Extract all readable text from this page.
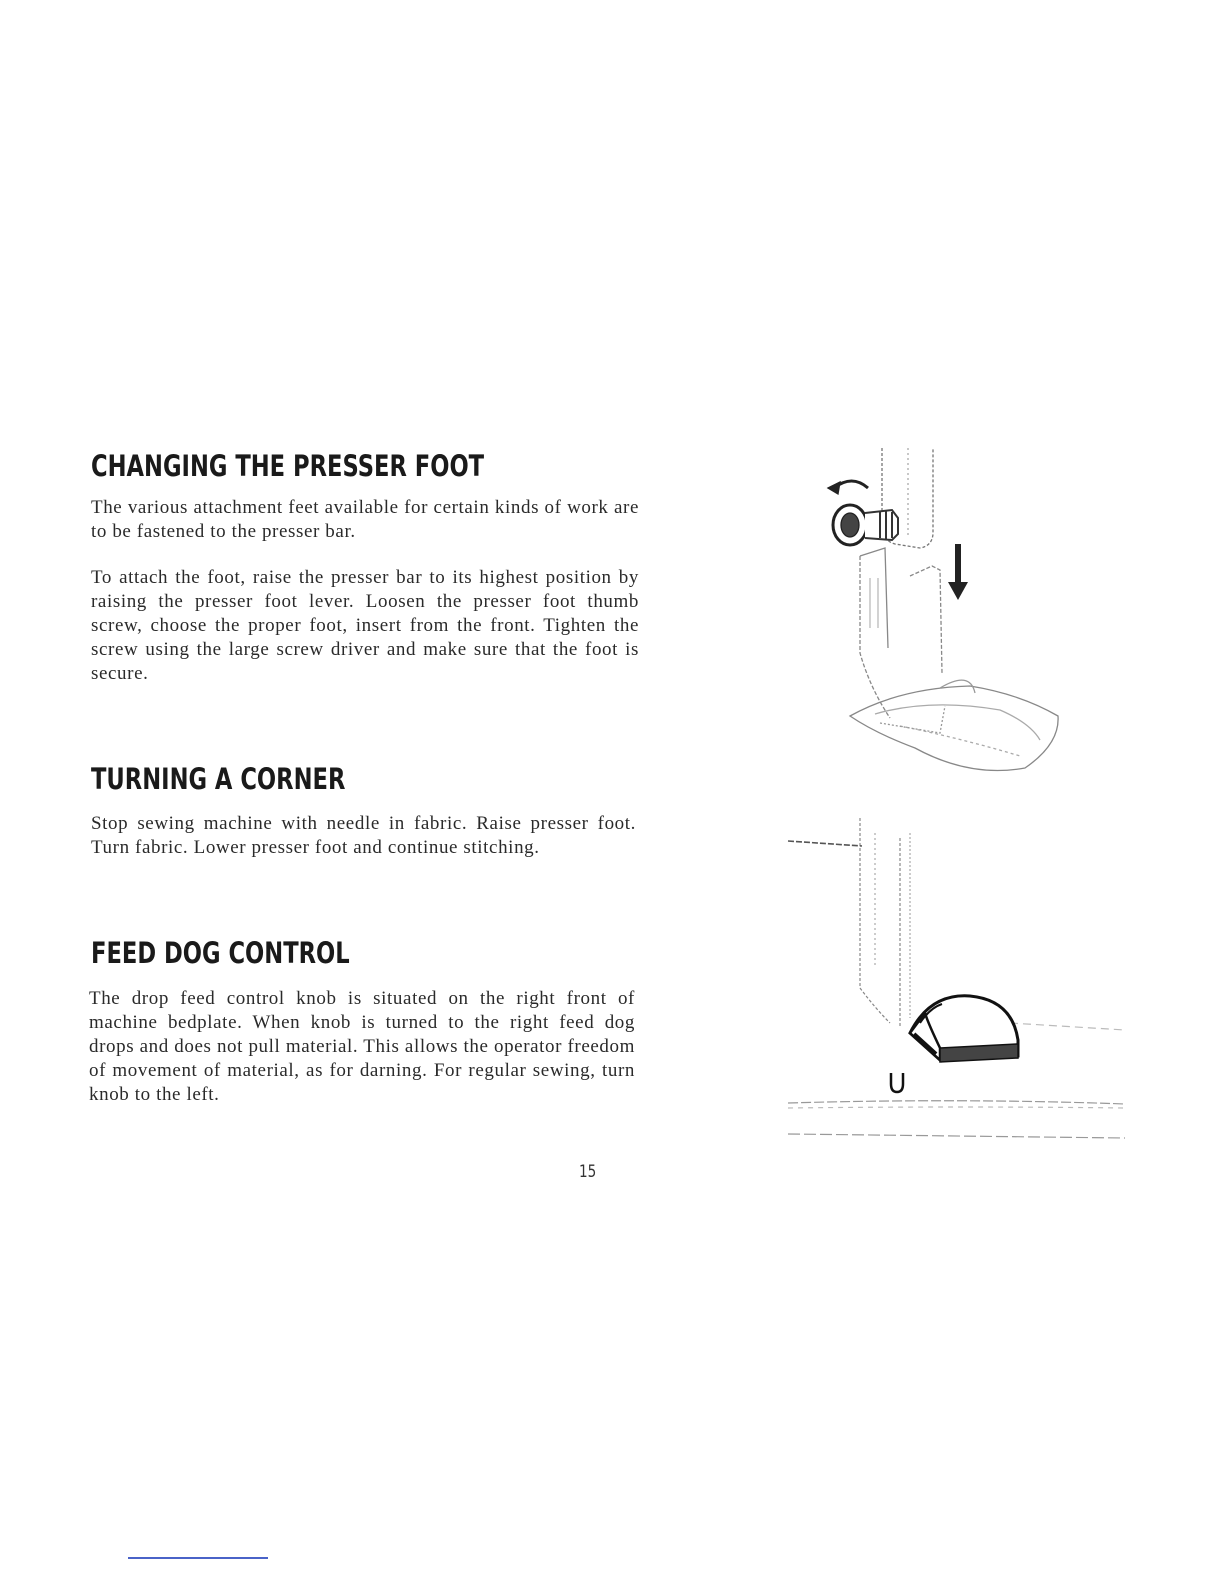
CHANGING THE PRESSER FOOT

The various attachment feet available for certain kinds of work are to be fastened to the presser bar.

To attach the foot, raise the presser bar to its highest position by raising the presser foot lever. Loosen the presser foot thumb screw, choose the proper foot, insert from the front. Tighten the screw using the large screw driver and make sure that the foot is secure.

TURNING A CORNER

Stop sewing machine with needle in fabric. Raise presser foot. Turn fabric. Lower presser foot and continue stitching.

FEED DOG CONTROL

The drop feed control knob is situated on the right front of machine bedplate. When knob is turned to the right feed dog drops and does not pull material. This allows the operator freedom of movement of material, as for darning. For regular sewing, turn knob to the left.

15
